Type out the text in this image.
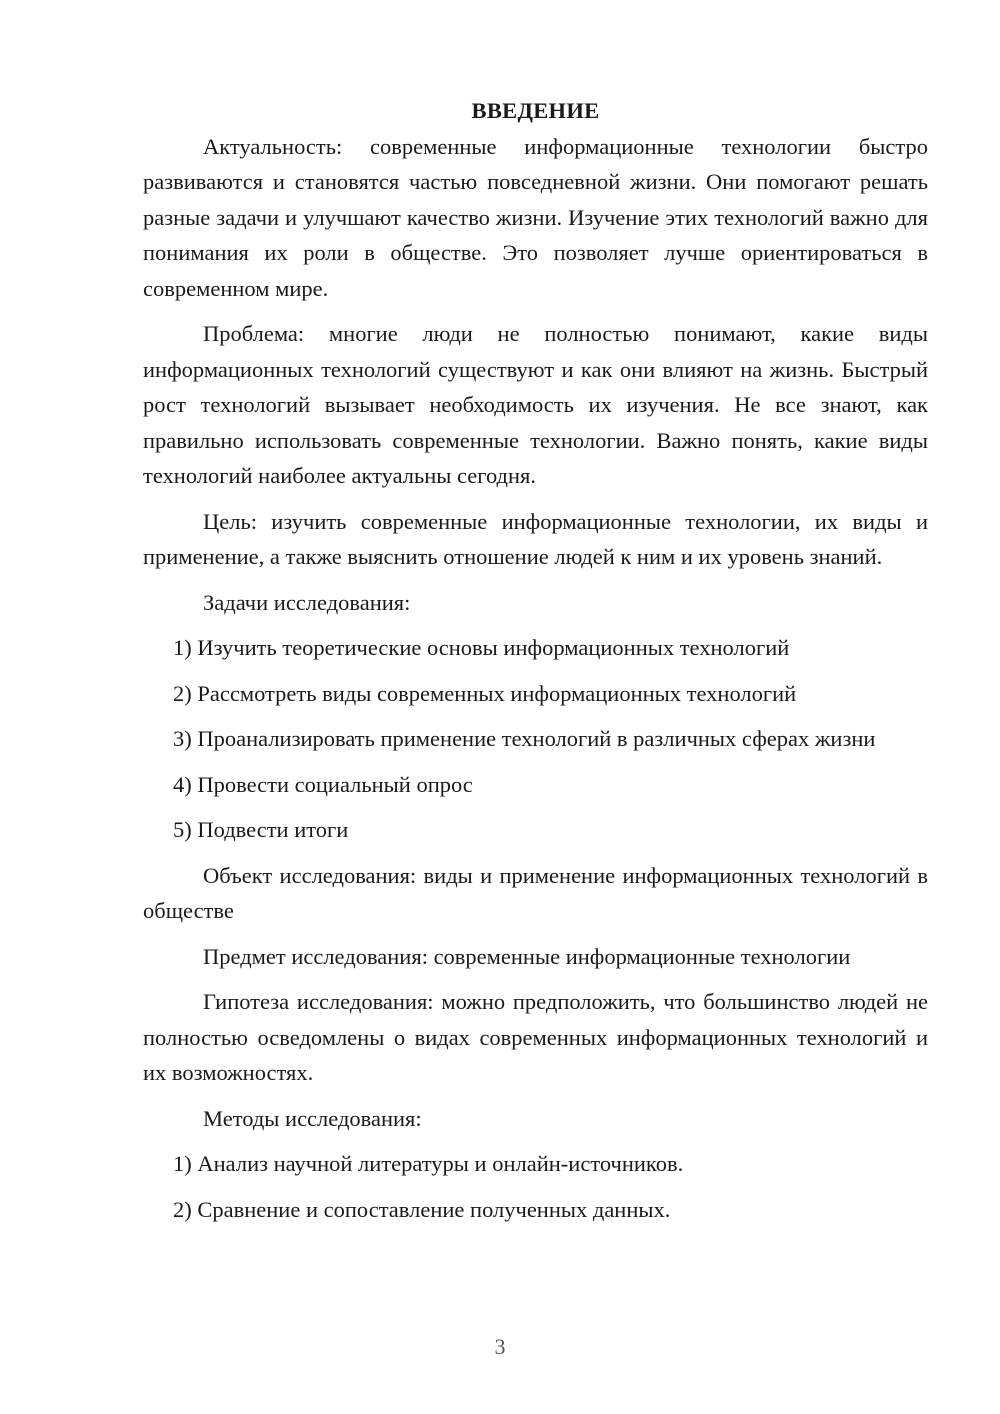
ВВЕДЕНИЕ

Актуальность: современные информационные технологии быстро развиваются и становятся частью повседневной жизни. Они помогают решать разные задачи и улучшают качество жизни. Изучение этих технологий важно для понимания их роли в обществе. Это позволяет лучше ориентироваться в современном мире.

Проблема: многие люди не полностью понимают, какие виды информационных технологий существуют и как они влияют на жизнь. Быстрый рост технологий вызывает необходимость их изучения. Не все знают, как правильно использовать современные технологии. Важно понять, какие виды технологий наиболее актуальны сегодня.

Цель: изучить современные информационные технологии, их виды и применение, а также выяснить отношение людей к ним и их уровень знаний.

Задачи исследования:

1) Изучить теоретические основы информационных технологий

2) Рассмотреть виды современных информационных технологий

3) Проанализировать применение технологий в различных сферах жизни

4) Провести социальный опрос

5) Подвести итоги

Объект исследования: виды и применение информационных технологий в обществе

Предмет исследования: современные информационные технологии

Гипотеза исследования: можно предположить, что большинство людей не полностью осведомлены о видах современных информационных технологий и их возможностях.

Методы исследования:

1) Анализ научной литературы и онлайн-источников.

2) Сравнение и сопоставление полученных данных.

3
